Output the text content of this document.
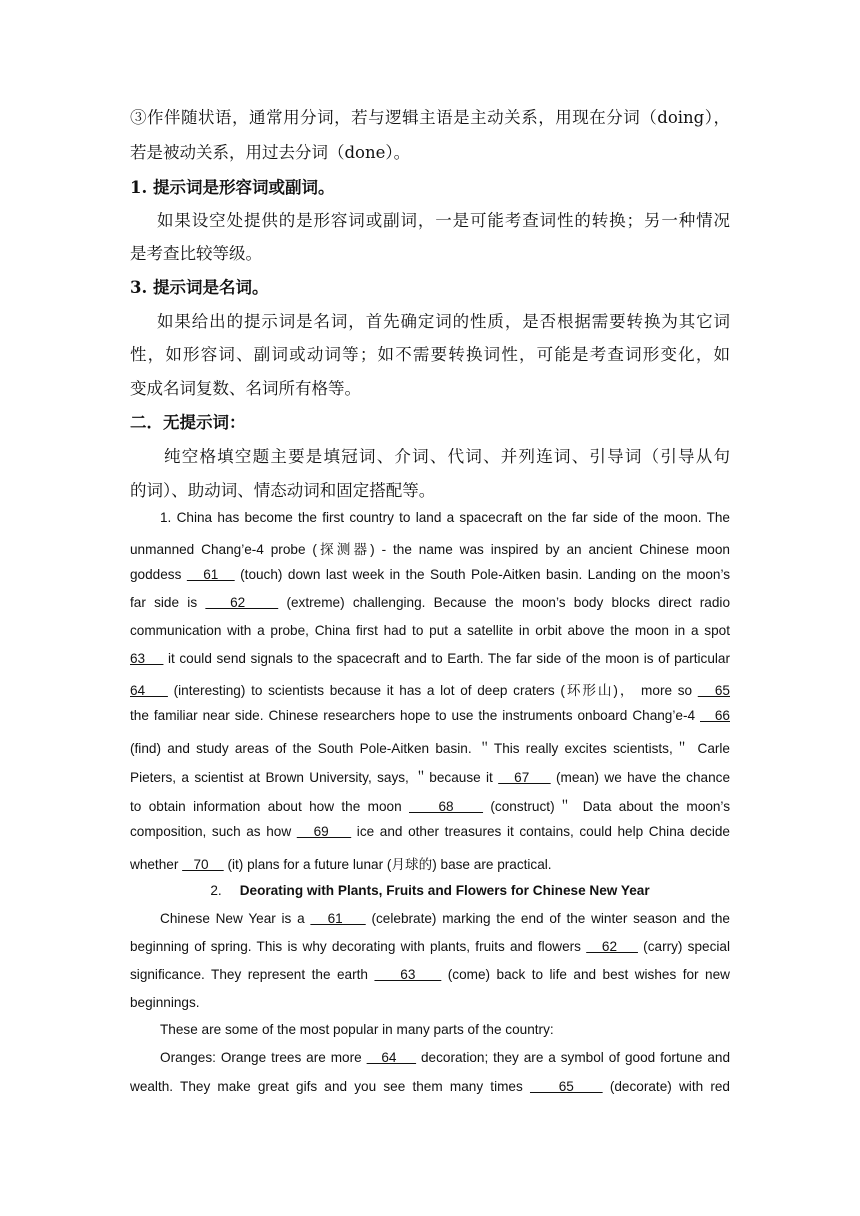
③作伴随状语，通常用分词，若与逻辑主语是主动关系，用现在分词（doing），

若是被动关系，用过去分词（done）。

1. 提示词是形容词或副词。

如果设空处提供的是形容词或副词，一是可能考查词性的转换；另一种情况

是考查比较等级。

3. 提示词是名词。

如果给出的提示词是名词，首先确定词的性质，是否根据需要转换为其它词

性，如形容词、副词或动词等；如不需要转换词性，可能是考查词形变化，如

变成名词复数、名词所有格等。

二．无提示词：

纯空格填空题主要是填冠词、介词、代词、并列连词、引导词（引导从句

的词）、助动词、情态动词和固定搭配等。

1. China has become the first country to land a spacecraft on the far side of the moon. The

unmanned Chang’e-4 probe (探测器) - the name was inspired by an ancient Chinese moon

goddess    61    (touch) down last week in the South Pole-Aitken basin. Landing on the moon’s

far side is    62     (extreme) challenging. Because the moon’s body blocks direct radio

communication with a probe, China first had to put a satellite in orbit above the moon in a spot

63     it could send signals to the spacecraft and to Earth. The far side of the moon is of particular

64     (interesting) to scientists because it has a lot of deep craters (环形山)， more so    65

the familiar near side. Chinese researchers hope to use the instruments onboard Chang’e-4    66

(find) and study areas of the South Pole-Aitken basin. ＂This really excites scientists,＂ Carle

Pieters, a scientist at Brown University, says, ＂because it    67     (mean) we have the chance

to obtain information about how the moon     68     (construct)＂ Data about the moon’s

composition, such as how    69     ice and other treasures it contains, could help China decide

whether    70     (it) plans for a future lunar (月球的) base are practical.

2. Deorating with Plants, Fruits and Flowers for Chinese New Year

Chinese New Year is a    61     (celebrate) marking the end of the winter season and the

beginning of spring. This is why decorating with plants, fruits and flowers    62     (carry) special

significance. They represent the earth     63     (come) back to life and best wishes for new

beginnings.

These are some of the most popular in many parts of the country:

Oranges: Orange trees are more    64     decoration; they are a symbol of good fortune and

wealth. They make great gifs and you see them many times     65     (decorate) with red
